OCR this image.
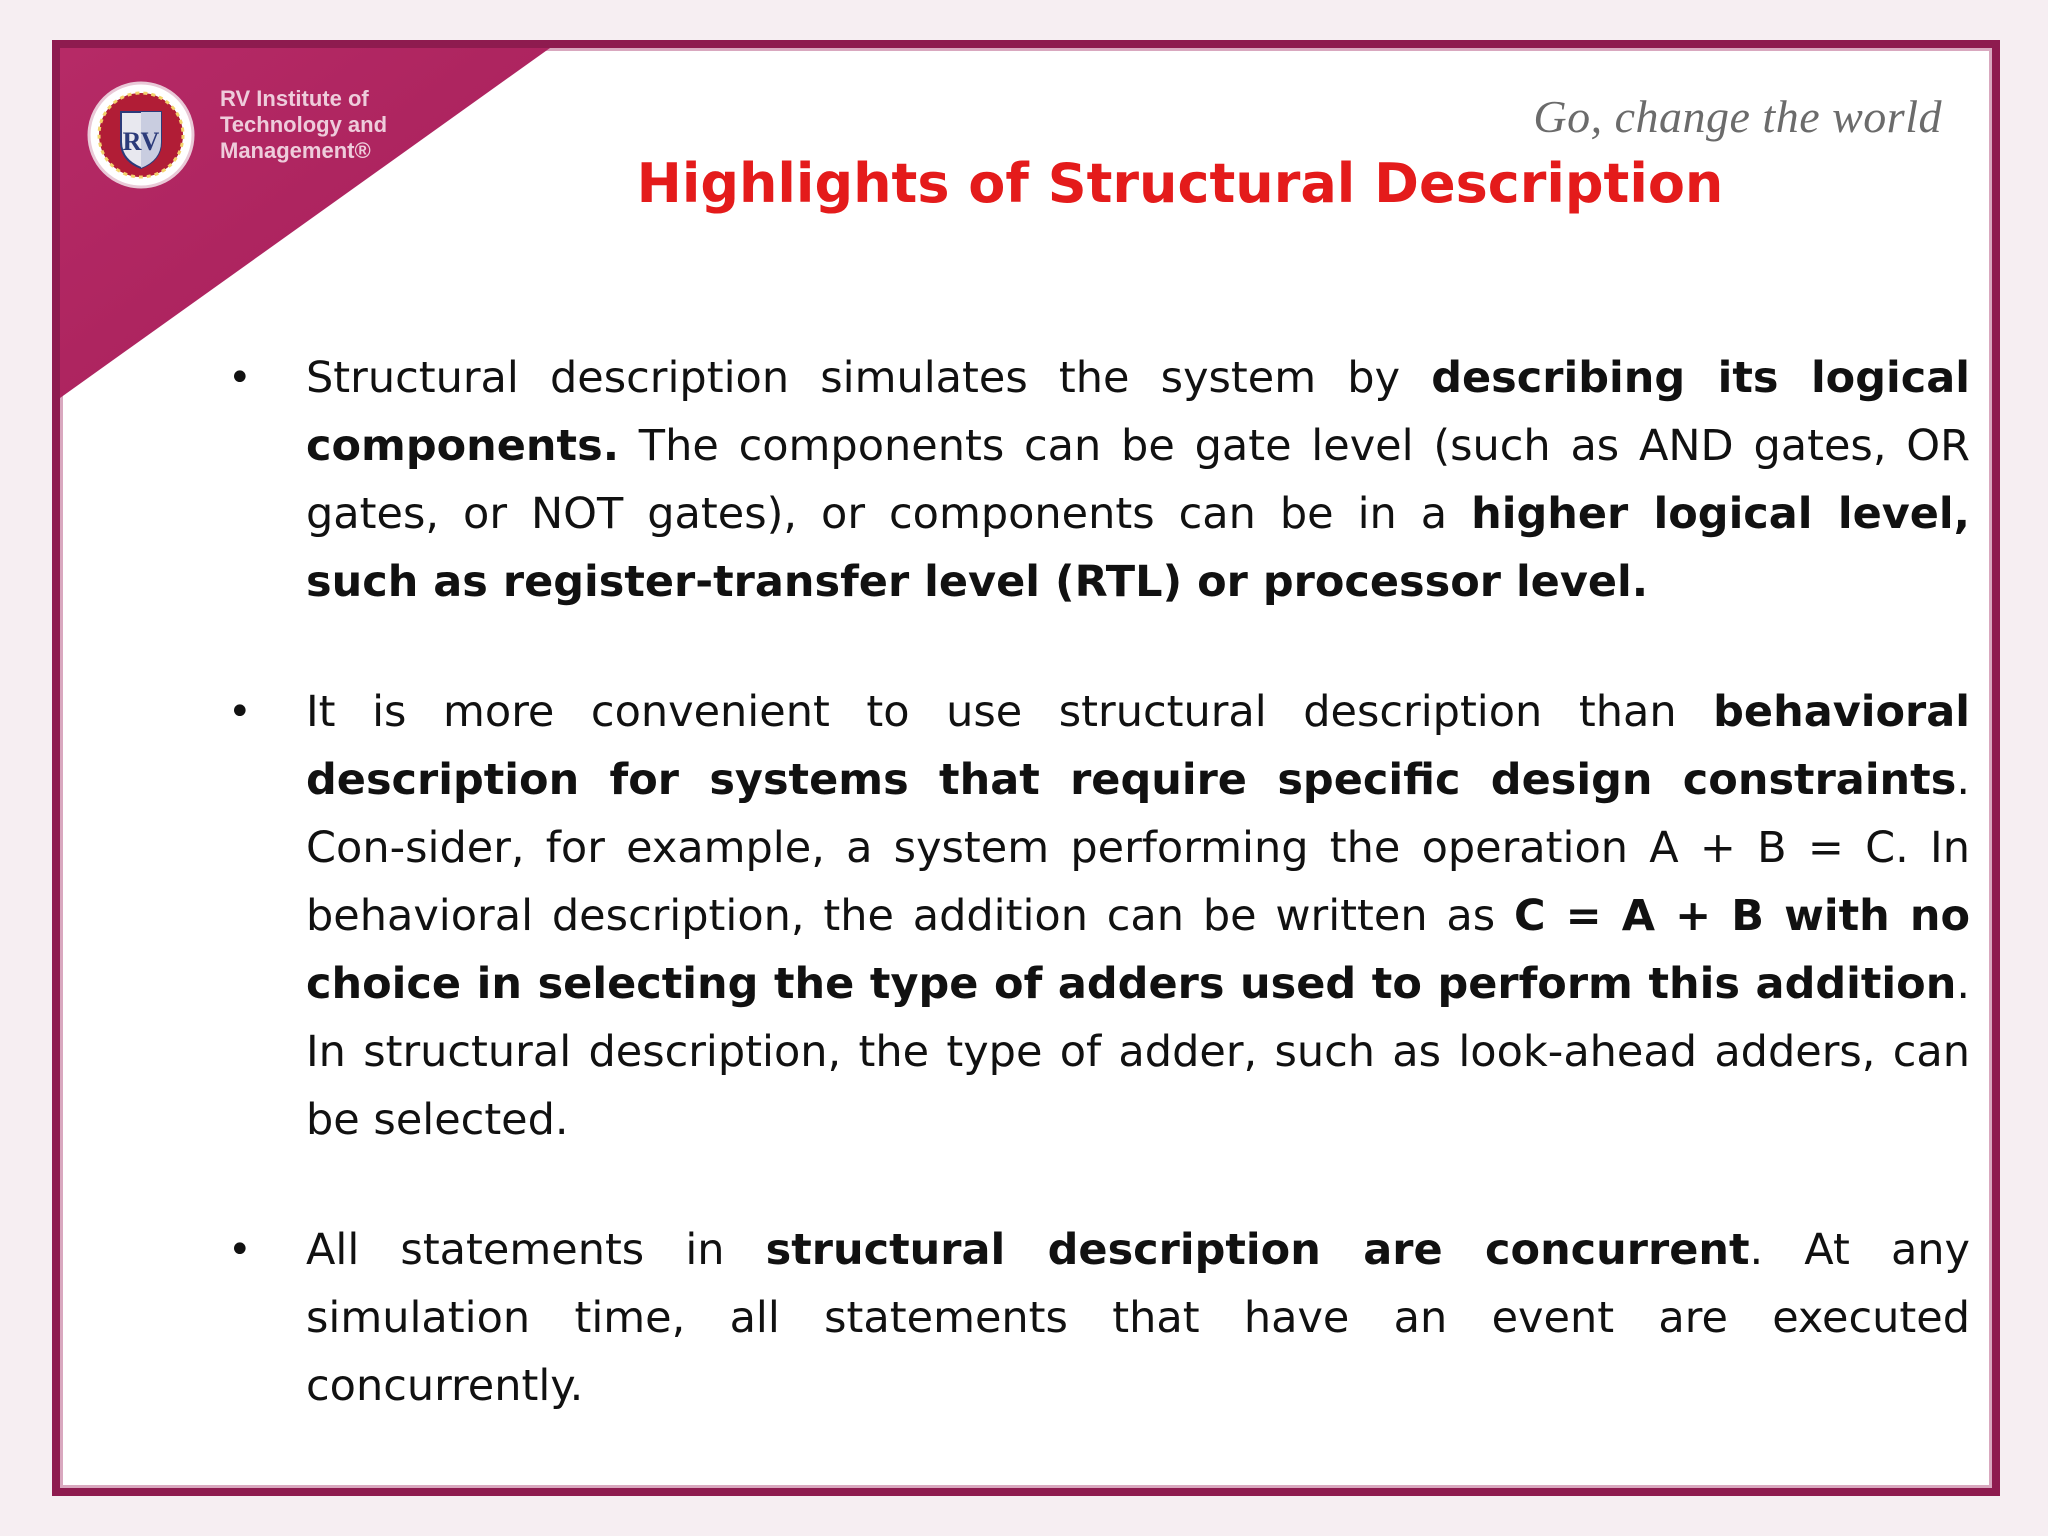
RV
RV Institute of
Technology and
Management®
Go, change the world
Highlights of Structural Description
• Structural description simulates the system by describing its logical components. The components can be gate level (such as AND gates, OR gates, or NOT gates), or components can be in a higher logical level, such as register-transfer level (RTL) or processor level.
• It is more convenient to use structural description than behavioral description for systems that require specific design constraints. Con-sider, for example, a system performing the operation A + B = C. In behavioral description, the addition can be written as C = A + B with no choice in selecting the type of adders used to perform this addition. In structural description, the type of adder, such as look-ahead adders, can be selected.
• All statements in structural description are concurrent. At any simulation time, all statements that have an event are executed concurrently.
